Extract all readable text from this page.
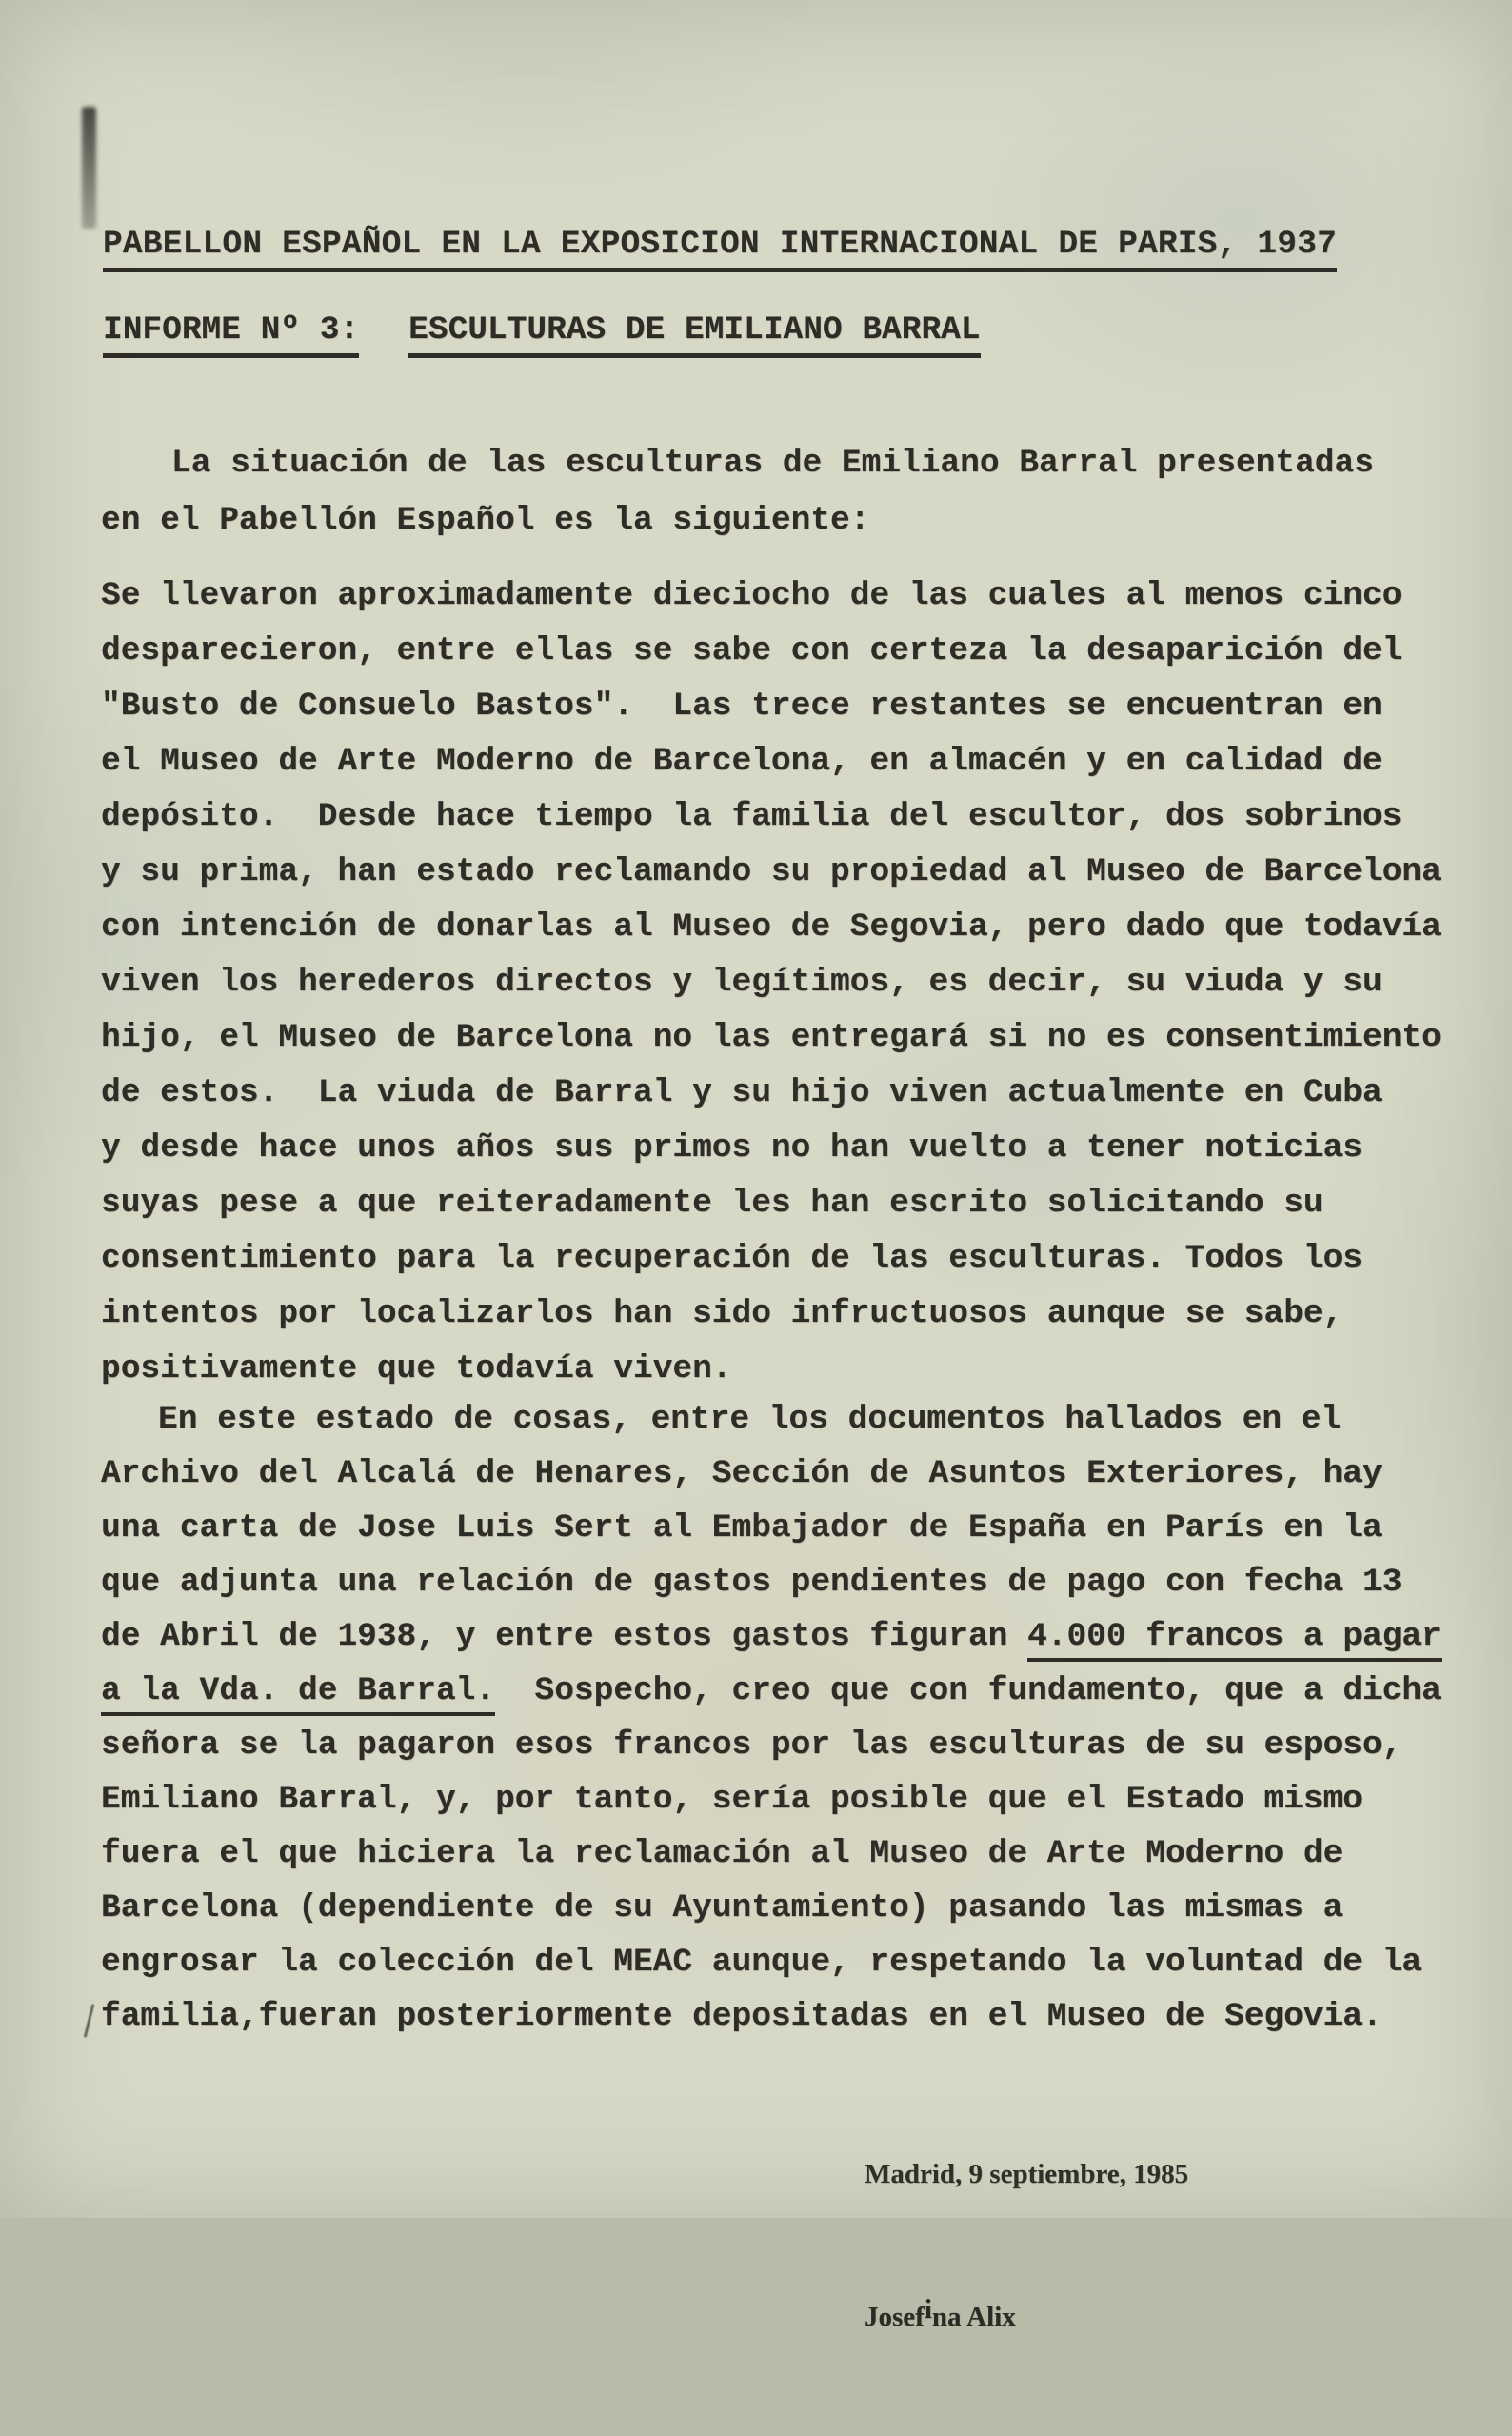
PABELLON ESPAÑOL EN LA EXPOSICION INTERNACIONAL DE PARIS, 1937
INFORME Nº 3: ESCULTURAS DE EMILIANO BARRAL
La situación de las esculturas de Emiliano Barral presentadas
en el Pabellón Español es la siguiente:
Se llevaron aproximadamente dieciocho de las cuales al menos cinco
desparecieron, entre ellas se sabe con certeza la desaparición del
"Busto de Consuelo Bastos".  Las trece restantes se encuentran en
el Museo de Arte Moderno de Barcelona, en almacén y en calidad de
depósito.  Desde hace tiempo la familia del escultor, dos sobrinos
y su prima, han estado reclamando su propiedad al Museo de Barcelona
con intención de donarlas al Museo de Segovia, pero dado que todavía
viven los herederos directos y legítimos, es decir, su viuda y su
hijo, el Museo de Barcelona no las entregará si no es consentimiento
de estos.  La viuda de Barral y su hijo viven actualmente en Cuba
y desde hace unos años sus primos no han vuelto a tener noticias
suyas pese a que reiteradamente les han escrito solicitando su
consentimiento para la recuperación de las esculturas. Todos los
intentos por localizarlos han sido infructuosos aunque se sabe,
positivamente que todavía viven.
En este estado de cosas, entre los documentos hallados en el
Archivo del Alcalá de Henares, Sección de Asuntos Exteriores, hay
una carta de Jose Luis Sert al Embajador de España en París en la
que adjunta una relación de gastos pendientes de pago con fecha 13
de Abril de 1938, y entre estos gastos figuran 4.000 francos a pagar
a la Vda. de Barral.  Sospecho, creo que con fundamento, que a dicha
señora se la pagaron esos francos por las esculturas de su esposo,
Emiliano Barral, y, por tanto, sería posible que el Estado mismo
fuera el que hiciera la reclamación al Museo de Arte Moderno de
Barcelona (dependiente de su Ayuntamiento) pasando las mismas a
engrosar la colección del MEAC aunque, respetando la voluntad de la
familia,fueran posteriormente depositadas en el Museo de Segovia.

Madrid, 9 septiembre, 1985

Josefina Alix
